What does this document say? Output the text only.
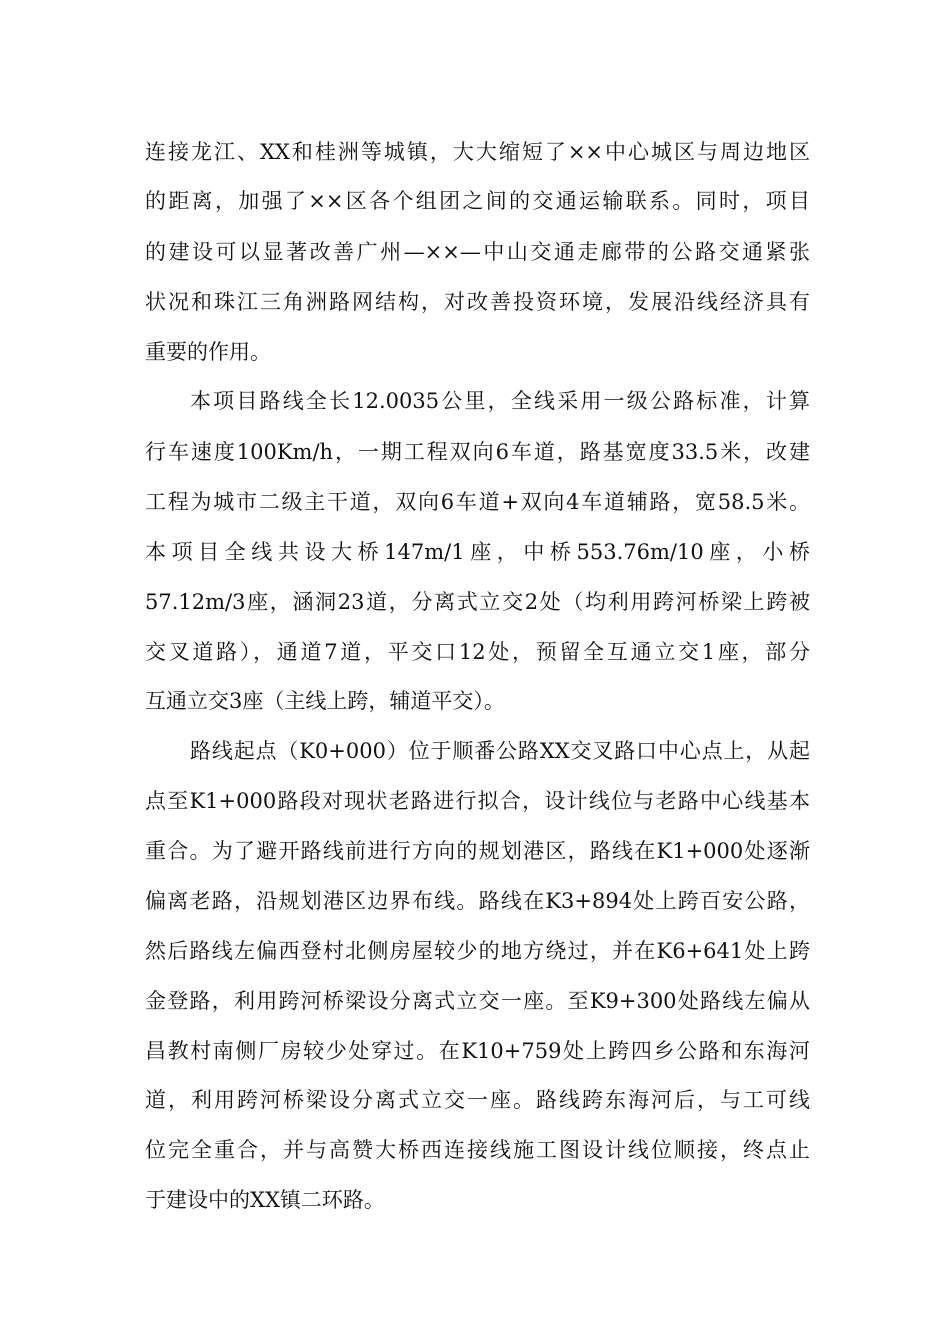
连接龙江、XX和桂洲等城镇，大大缩短了××中心城区与周边地区
的距离，加强了××区各个组团之间的交通运输联系。同时，项目
的建设可以显著改善广州—××—中山交通走廊带的公路交通紧张
状况和珠江三角洲路网结构，对改善投资环境，发展沿线经济具有
重要的作用。
本项目路线全长12.0035公里，全线采用一级公路标准，计算
行车速度100Km/h，一期工程双向6车道，路基宽度33.5米，改建
工程为城市二级主干道，双向6车道+双向4车道辅路，宽58.5米。
本项目全线共设大桥147m/1座，中桥553.76m/10座，小桥
57.12m/3座，涵洞23道，分离式立交2处（均利用跨河桥梁上跨被
交叉道路），通道7道，平交口12处，预留全互通立交1座，部分
互通立交3座（主线上跨，辅道平交）。
路线起点（K0+000）位于顺番公路XX交叉路口中心点上，从起
点至K1+000路段对现状老路进行拟合，设计线位与老路中心线基本
重合。为了避开路线前进行方向的规划港区，路线在K1+000处逐渐
偏离老路，沿规划港区边界布线。路线在K3+894处上跨百安公路，
然后路线左偏西登村北侧房屋较少的地方绕过，并在K6+641处上跨
金登路，利用跨河桥梁设分离式立交一座。至K9+300处路线左偏从
昌教村南侧厂房较少处穿过。在K10+759处上跨四乡公路和东海河
道，利用跨河桥梁设分离式立交一座。路线跨东海河后，与工可线
位完全重合，并与高赞大桥西连接线施工图设计线位顺接，终点止
于建设中的XX镇二环路。
